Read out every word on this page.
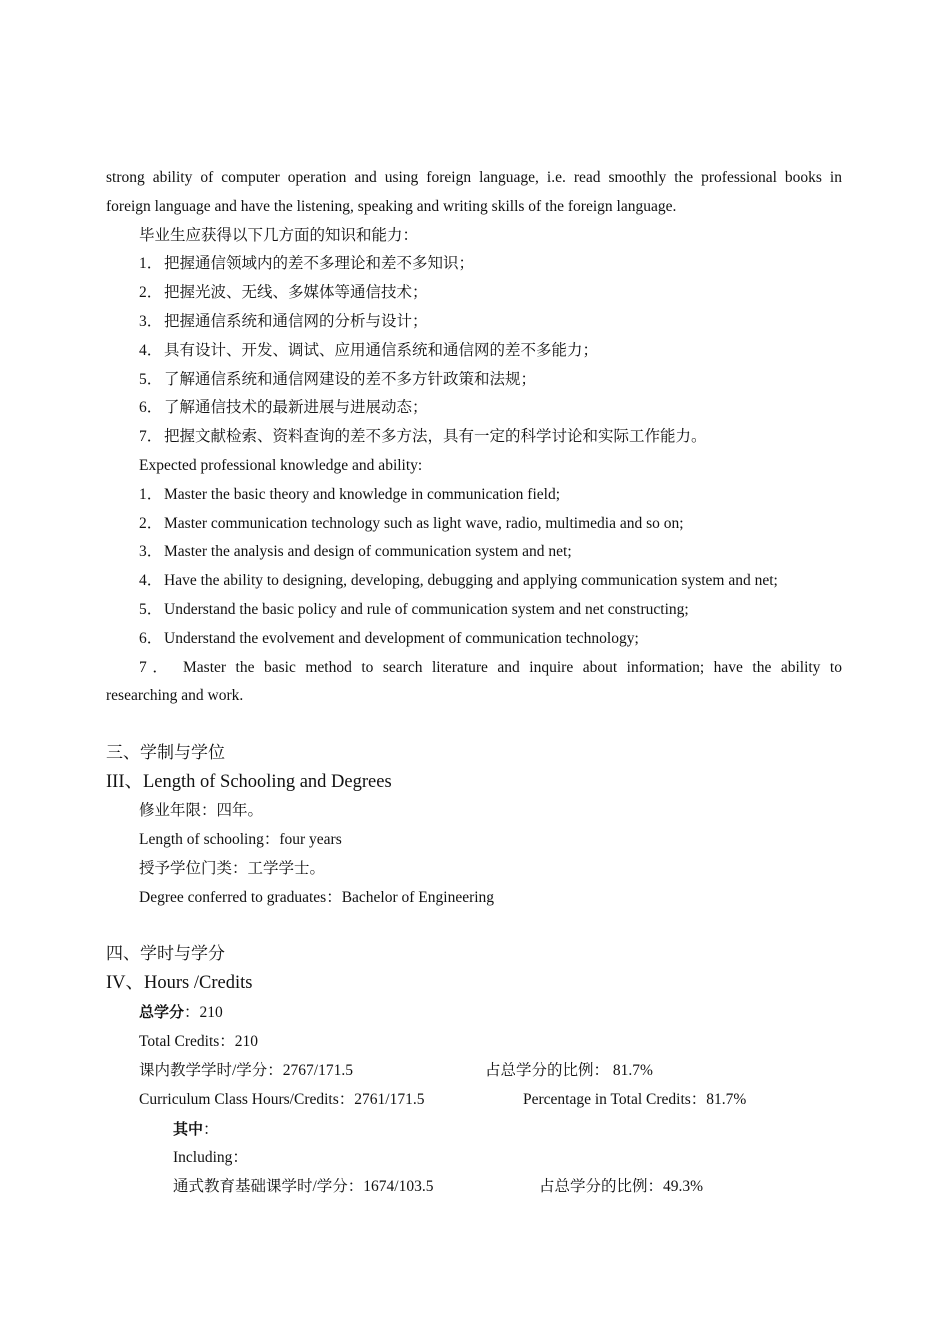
strong ability of computer operation and using foreign language, i.e. read smoothly the professional books in
foreign language and have the listening, speaking and writing skills of the foreign language.
毕业生应获得以下几方面的知识和能力：
1． 把握通信领域内的差不多理论和差不多知识；
2． 把握光波、无线、多媒体等通信技术；
3． 把握通信系统和通信网的分析与设计；
4． 具有设计、开发、调试、应用通信系统和通信网的差不多能力；
5． 了解通信系统和通信网建设的差不多方针政策和法规；
6． 了解通信技术的最新进展与进展动态；
7． 把握文献检索、资料查询的差不多方法，具有一定的科学讨论和实际工作能力。
Expected professional knowledge and ability:
1． Master the basic theory and knowledge in communication field;
2． Master communication technology such as light wave, radio, multimedia and so on;
3． Master the analysis and design of communication system and net;
4． Have the ability to designing, developing, debugging and applying communication system and net;
5． Understand the basic policy and rule of communication system and net constructing;
6． Understand the evolvement and development of communication technology;
7． Master the basic method to search literature and inquire about information; have the ability to
researching and work.
三、学制与学位
III、Length of Schooling and Degrees
修业年限：四年。
Length of schooling：four years
授予学位门类：工学学士。
Degree conferred to graduates：Bachelor of Engineering
四、学时与学分
IV、Hours /Credits
总学分：210
Total Credits：210
课内教学学时/学分：2767/171.5	占总学分的比例： 81.7%
Curriculum Class Hours/Credits：2761/171.5	Percentage in Total Credits：81.7%
其中：
Including：
通式教育基础课学时/学分：1674/103.5	占总学分的比例：49.3%
